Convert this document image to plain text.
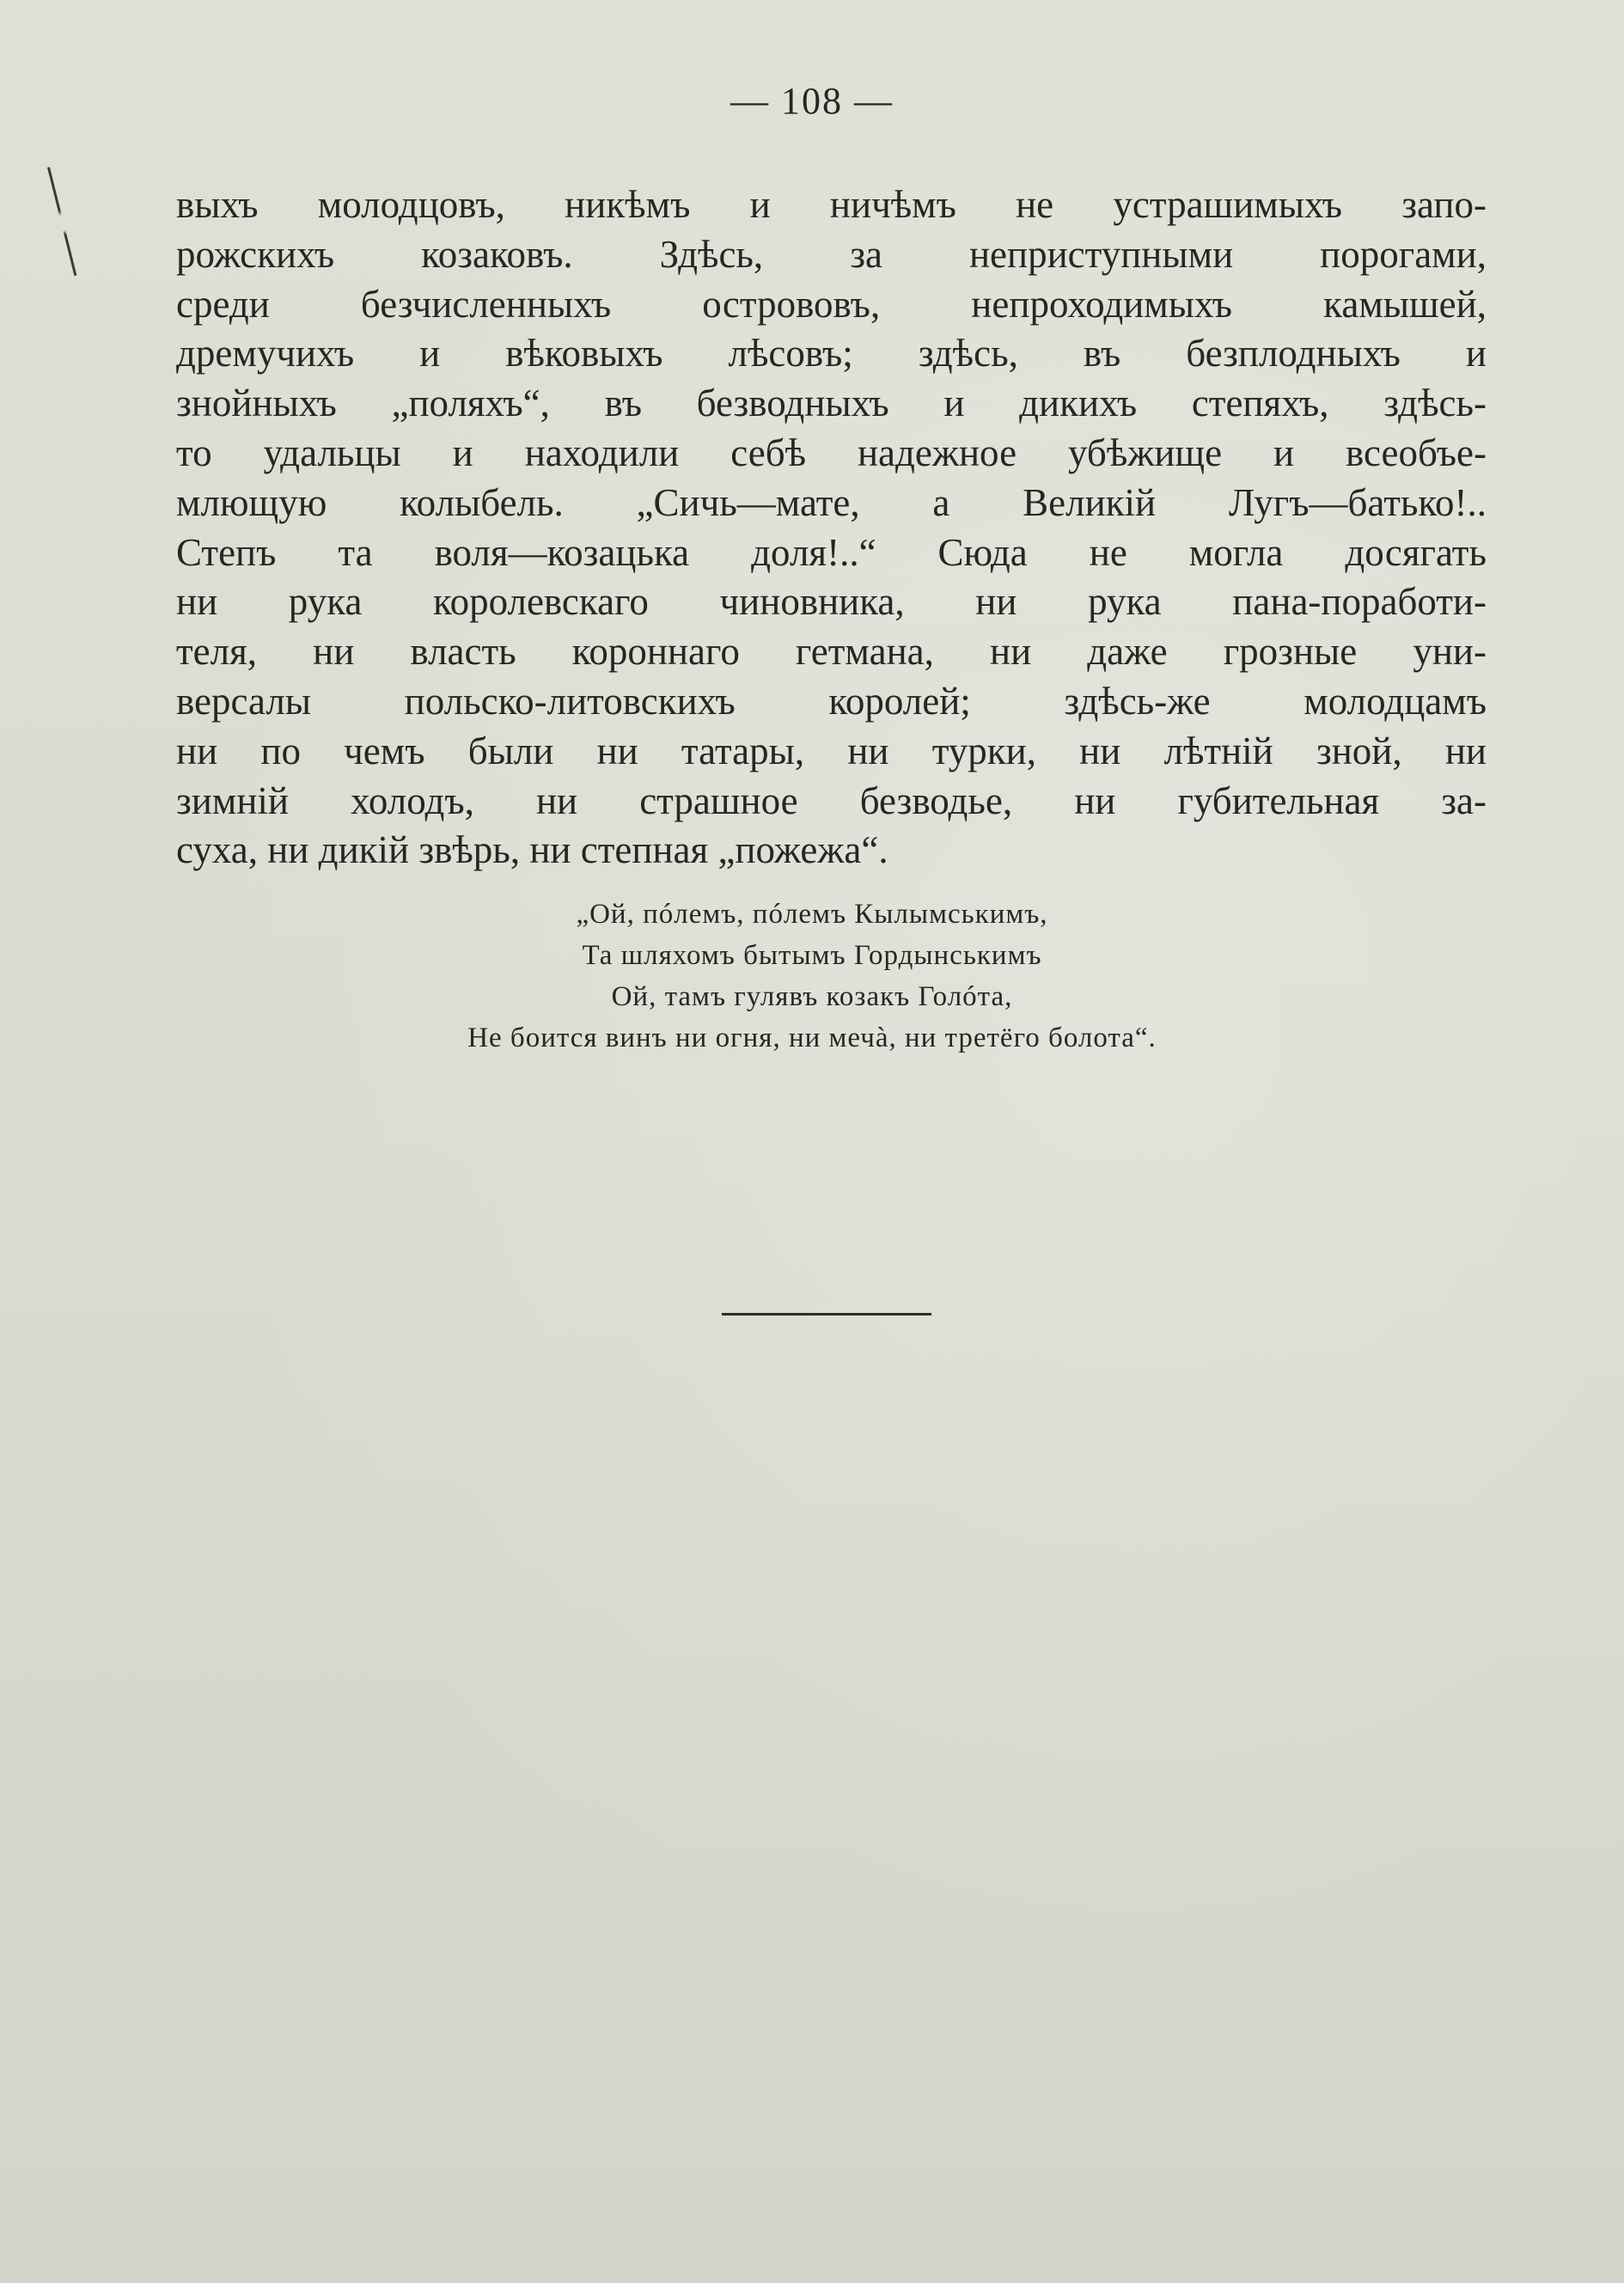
— 108 —
выхъ молодцовъ, никѣмъ и ничѣмъ не устрашимыхъ запо-
рожскихъ козаковъ. Здѣсь, за неприступными порогами,
среди безчисленныхъ острововъ, непроходимыхъ камышей,
дремучихъ и вѣковыхъ лѣсовъ; здѣсь, въ безплодныхъ и
знойныхъ „поляхъ“, въ безводныхъ и дикихъ степяхъ, здѣсь-
то удальцы и находили себѣ надежное убѣжище и всеобъе-
млющую колыбель. „Сичь—мате, а Великій Лугъ—батько!..
Степъ та воля—козацька доля!..“ Сюда не могла досягать
ни рука королевскаго чиновника, ни рука пана-поработи-
теля, ни власть короннаго гетмана, ни даже грозные уни-
версалы польско-литовскихъ королей; здѣсь-же молодцамъ
ни по чемъ были ни татары, ни турки, ни лѣтній зной, ни
зимній холодъ, ни страшное безводье, ни губительная за-
суха, ни дикій звѣрь, ни степная „пожежа“.
„Ой, пóлемъ, пóлемъ Кылымськимъ,
Та шляхомъ бытымъ Гордынськимъ
Ой, тамъ гулявъ козакъ Голóта,
Не боится винъ ни огня, ни мечà, ни третёго болота“.
